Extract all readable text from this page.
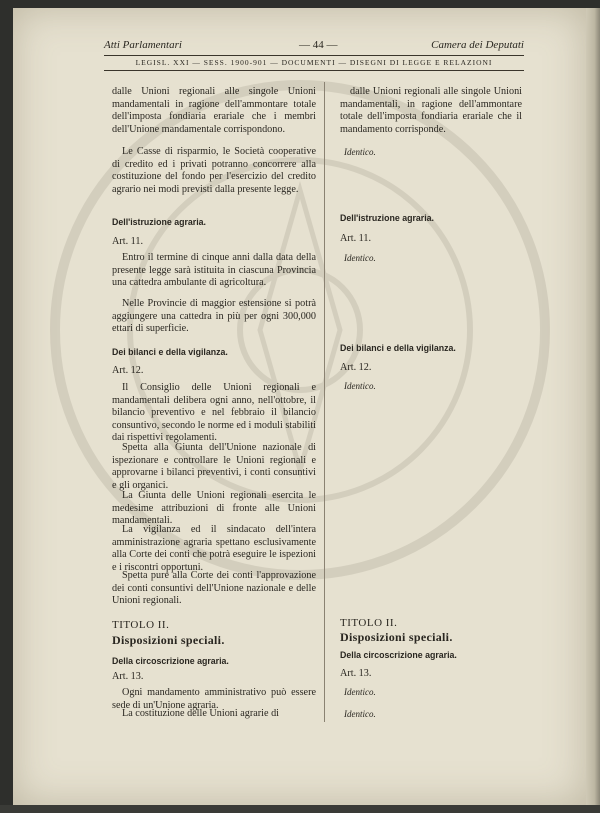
Atti Parlamentari	— 44 —	Camera dei Deputati
LEGISL. XXI — SESS. 1900-901 — DOCUMENTI — DISEGNI DI LEGGE E RELAZIONI

dalle Unioni regionali alle singole Unioni mandamentali in ragione dell'ammontare totale dell'imposta fondiaria erariale che i membri dell'Unione mandamentale corrispondono.

Le Casse di risparmio, le Società cooperative di credito ed i privati potranno concorrere alla costituzione del fondo per l'esercizio del credito agrario nei modi previsti dalla presente legge.

Dell'istruzione agraria.

Art. 11.

Entro il termine di cinque anni dalla data della presente legge sarà istituita in ciascuna Provincia una cattedra ambulante di agricoltura.

Nelle Provincie di maggior estensione si potrà aggiungere una cattedra in più per ogni 300,000 ettari di superficie.

Dei bilanci e della vigilanza.

Art. 12.

Il Consiglio delle Unioni regionali e mandamentali delibera ogni anno, nell'ottobre, il bilancio preventivo e nel febbraio il bilancio consuntivo, secondo le norme ed i moduli stabiliti dai rispettivi regolamenti.

Spetta alla Giunta dell'Unione nazionale di ispezionare e controllare le Unioni regionali e approvarne i bilanci preventivi, i conti consuntivi e gli organici.

La Giunta delle Unioni regionali esercita le medesime attribuzioni di fronte alle Unioni mandamentali.

La vigilanza ed il sindacato dell'intera amministrazione agraria spettano esclusivamente alla Corte dei conti che potrà eseguire le ispezioni e i riscontri opportuni.

Spetta pure alla Corte dei conti l'approvazione dei conti consuntivi dell'Unione nazionale e delle Unioni regionali.

TITOLO II.

Disposizioni speciali.

Della circoscrizione agraria.

Art. 13.

Ogni mandamento amministrativo può essere sede di un'Unione agraria.

La costituzione delle Unioni agrarie di

dalle Unioni regionali alle singole Unioni mandamentali, in ragione dell'ammontare totale dell'imposta fondiaria erariale che il mandamento corrisponde.

Identico.

Dell'istruzione agraria.

Art. 11.

Identico.

Dei bilanci e della vigilanza.

Art. 12.

Identico.

TITOLO II.

Disposizioni speciali.

Della circoscrizione agraria.

Art. 13.

Identico.

Identico.
